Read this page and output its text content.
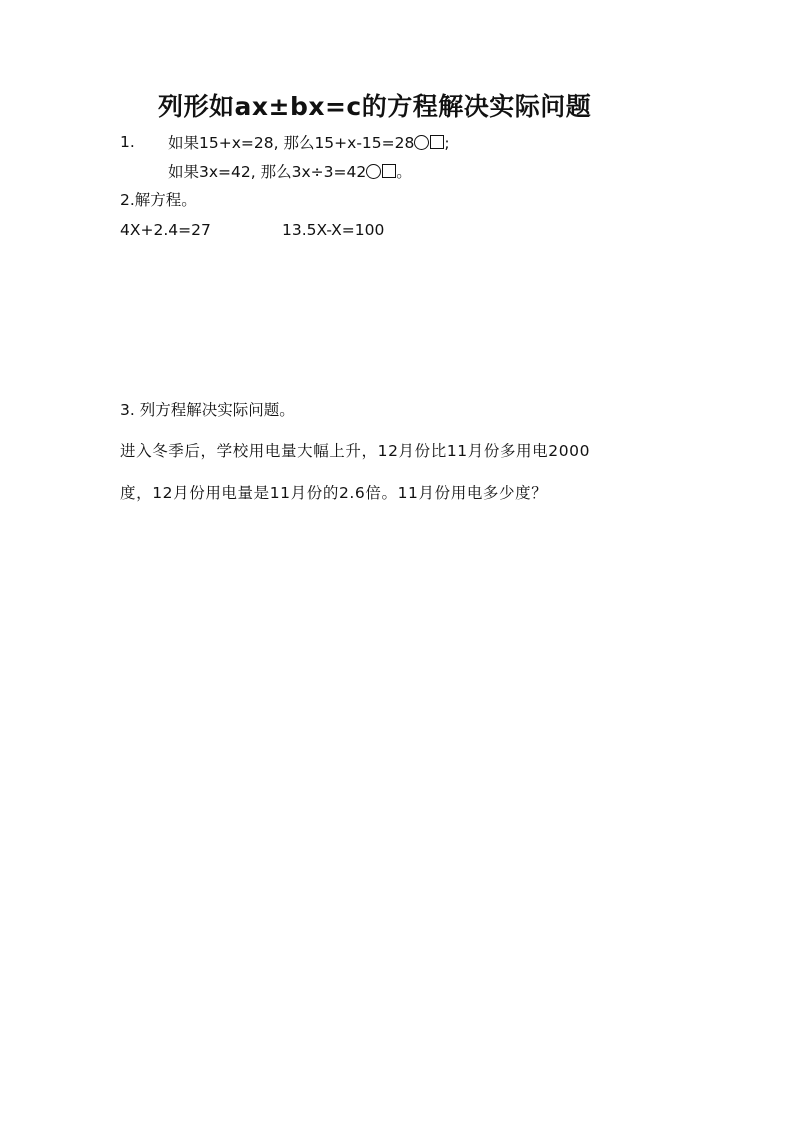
列形如ax±bx=c的方程解决实际问题
1. 如果15+x=28, 那么15+x-15=28 ;
如果3x=42, 那么3x÷3=42 。
2.解方程。
4X+2.4=27	13.5X-X=100
3. 列方程解决实际问题。
进入冬季后，学校用电量大幅上升，12月份比11月份多用电2000
度，12月份用电量是11月份的2.6倍。11月份用电多少度？
